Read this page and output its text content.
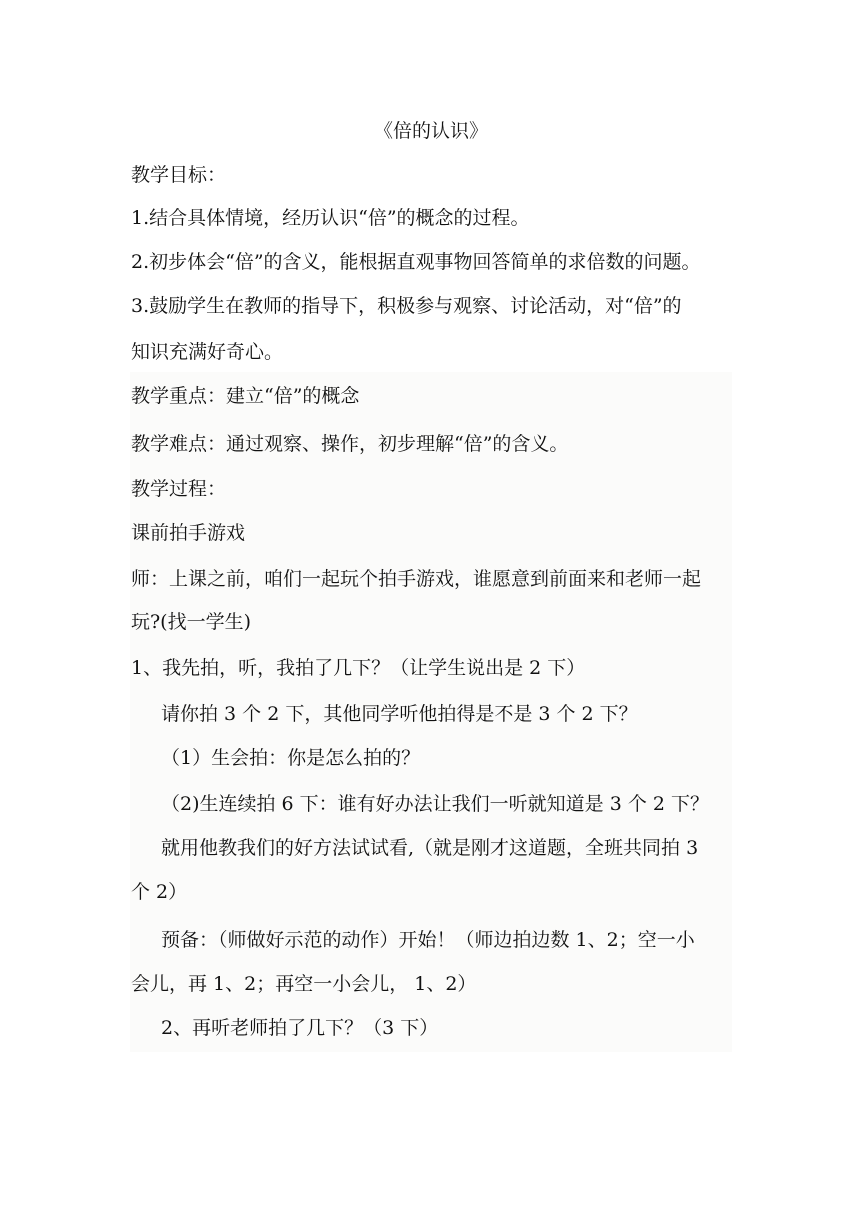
《倍的认识》
教学目标：
1.结合具体情境，经历认识“倍”的概念的过程。
2.初步体会“倍”的含义，能根据直观事物回答简单的求倍数的问题。
3.鼓励学生在教师的指导下，积极参与观察、讨论活动，对“倍”的
知识充满好奇心。
教学重点：建立“倍”的概念
教学难点：通过观察、操作，初步理解“倍”的含义。
教学过程：
课前拍手游戏
师：上课之前，咱们一起玩个拍手游戏，谁愿意到前面来和老师一起
玩?(找一学生)
1、我先拍，听，我拍了几下？（让学生说出是 2 下）
请你拍 3 个 2 下，其他同学听他拍得是不是 3 个 2 下？
（1）生会拍：你是怎么拍的？
（2)生连续拍 6 下：谁有好办法让我们一听就知道是 3 个 2 下？
就用他教我们的好方法试试看,（就是刚才这道题，全班共同拍 3
个 2）
预备：（师做好示范的动作）开始！（师边拍边数 1、2；空一小
会儿，再 1、2；再空一小会儿， 1、2）
2、再听老师拍了几下？（3 下）
